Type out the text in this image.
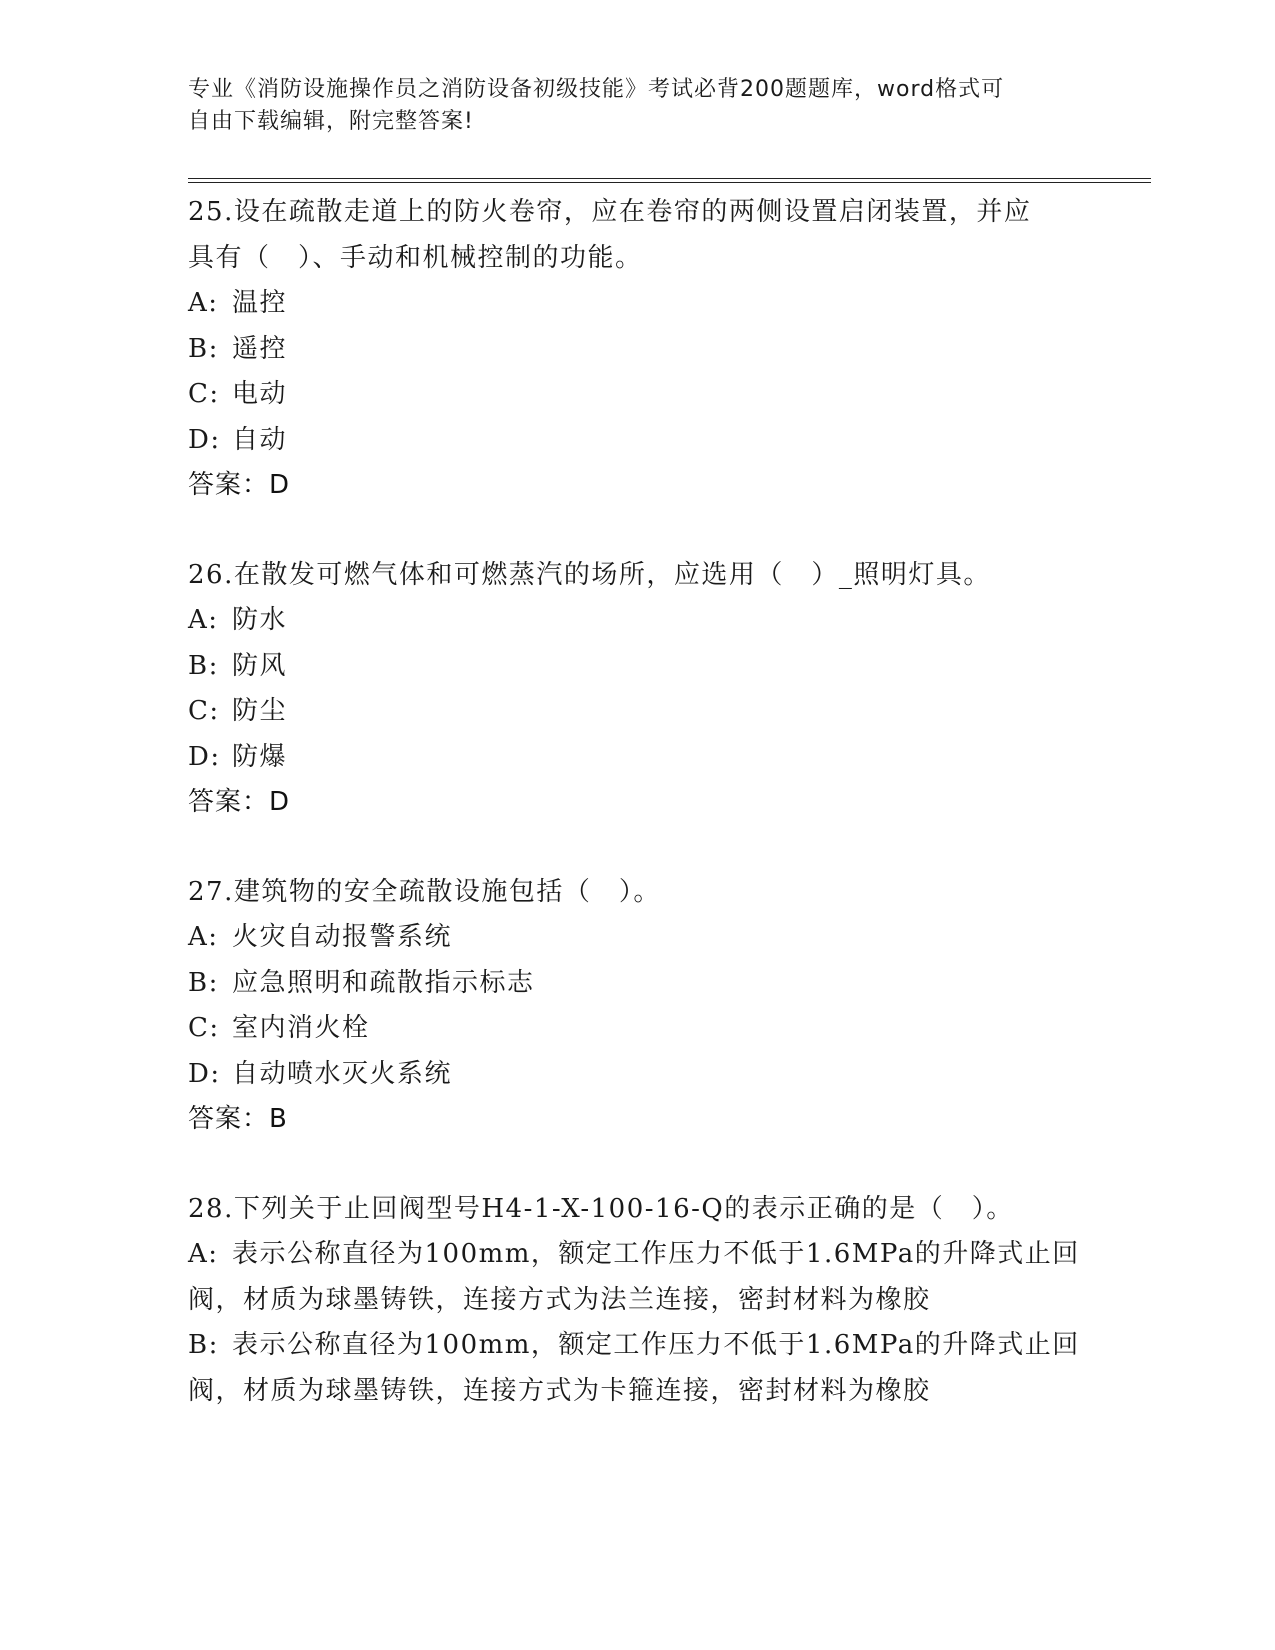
专业《消防设施操作员之消防设备初级技能》考试必背200题题库，word格式可
自由下载编辑，附完整答案!
25.设在疏散走道上的防火卷帘，应在卷帘的两侧设置启闭装置，并应
具有（　）、手动和机械控制的功能。
A: 温控
B: 遥控
C: 电动
D: 自动
答案：D
26.在散发可燃气体和可燃蒸汽的场所，应选用（　）_照明灯具。
A: 防水
B: 防风
C: 防尘
D: 防爆
答案：D
27.建筑物的安全疏散设施包括（　）。
A: 火灾自动报警系统
B: 应急照明和疏散指示标志
C: 室内消火栓
D: 自动喷水灭火系统
答案：B
28.下列关于止回阀型号H4-1-X-100-16-Q的表示正确的是（　）。
A: 表示公称直径为100mm，额定工作压力不低于1.6MPa的升降式止回
阀，材质为球墨铸铁，连接方式为法兰连接，密封材料为橡胶
B: 表示公称直径为100mm，额定工作压力不低于1.6MPa的升降式止回
阀，材质为球墨铸铁，连接方式为卡箍连接，密封材料为橡胶
